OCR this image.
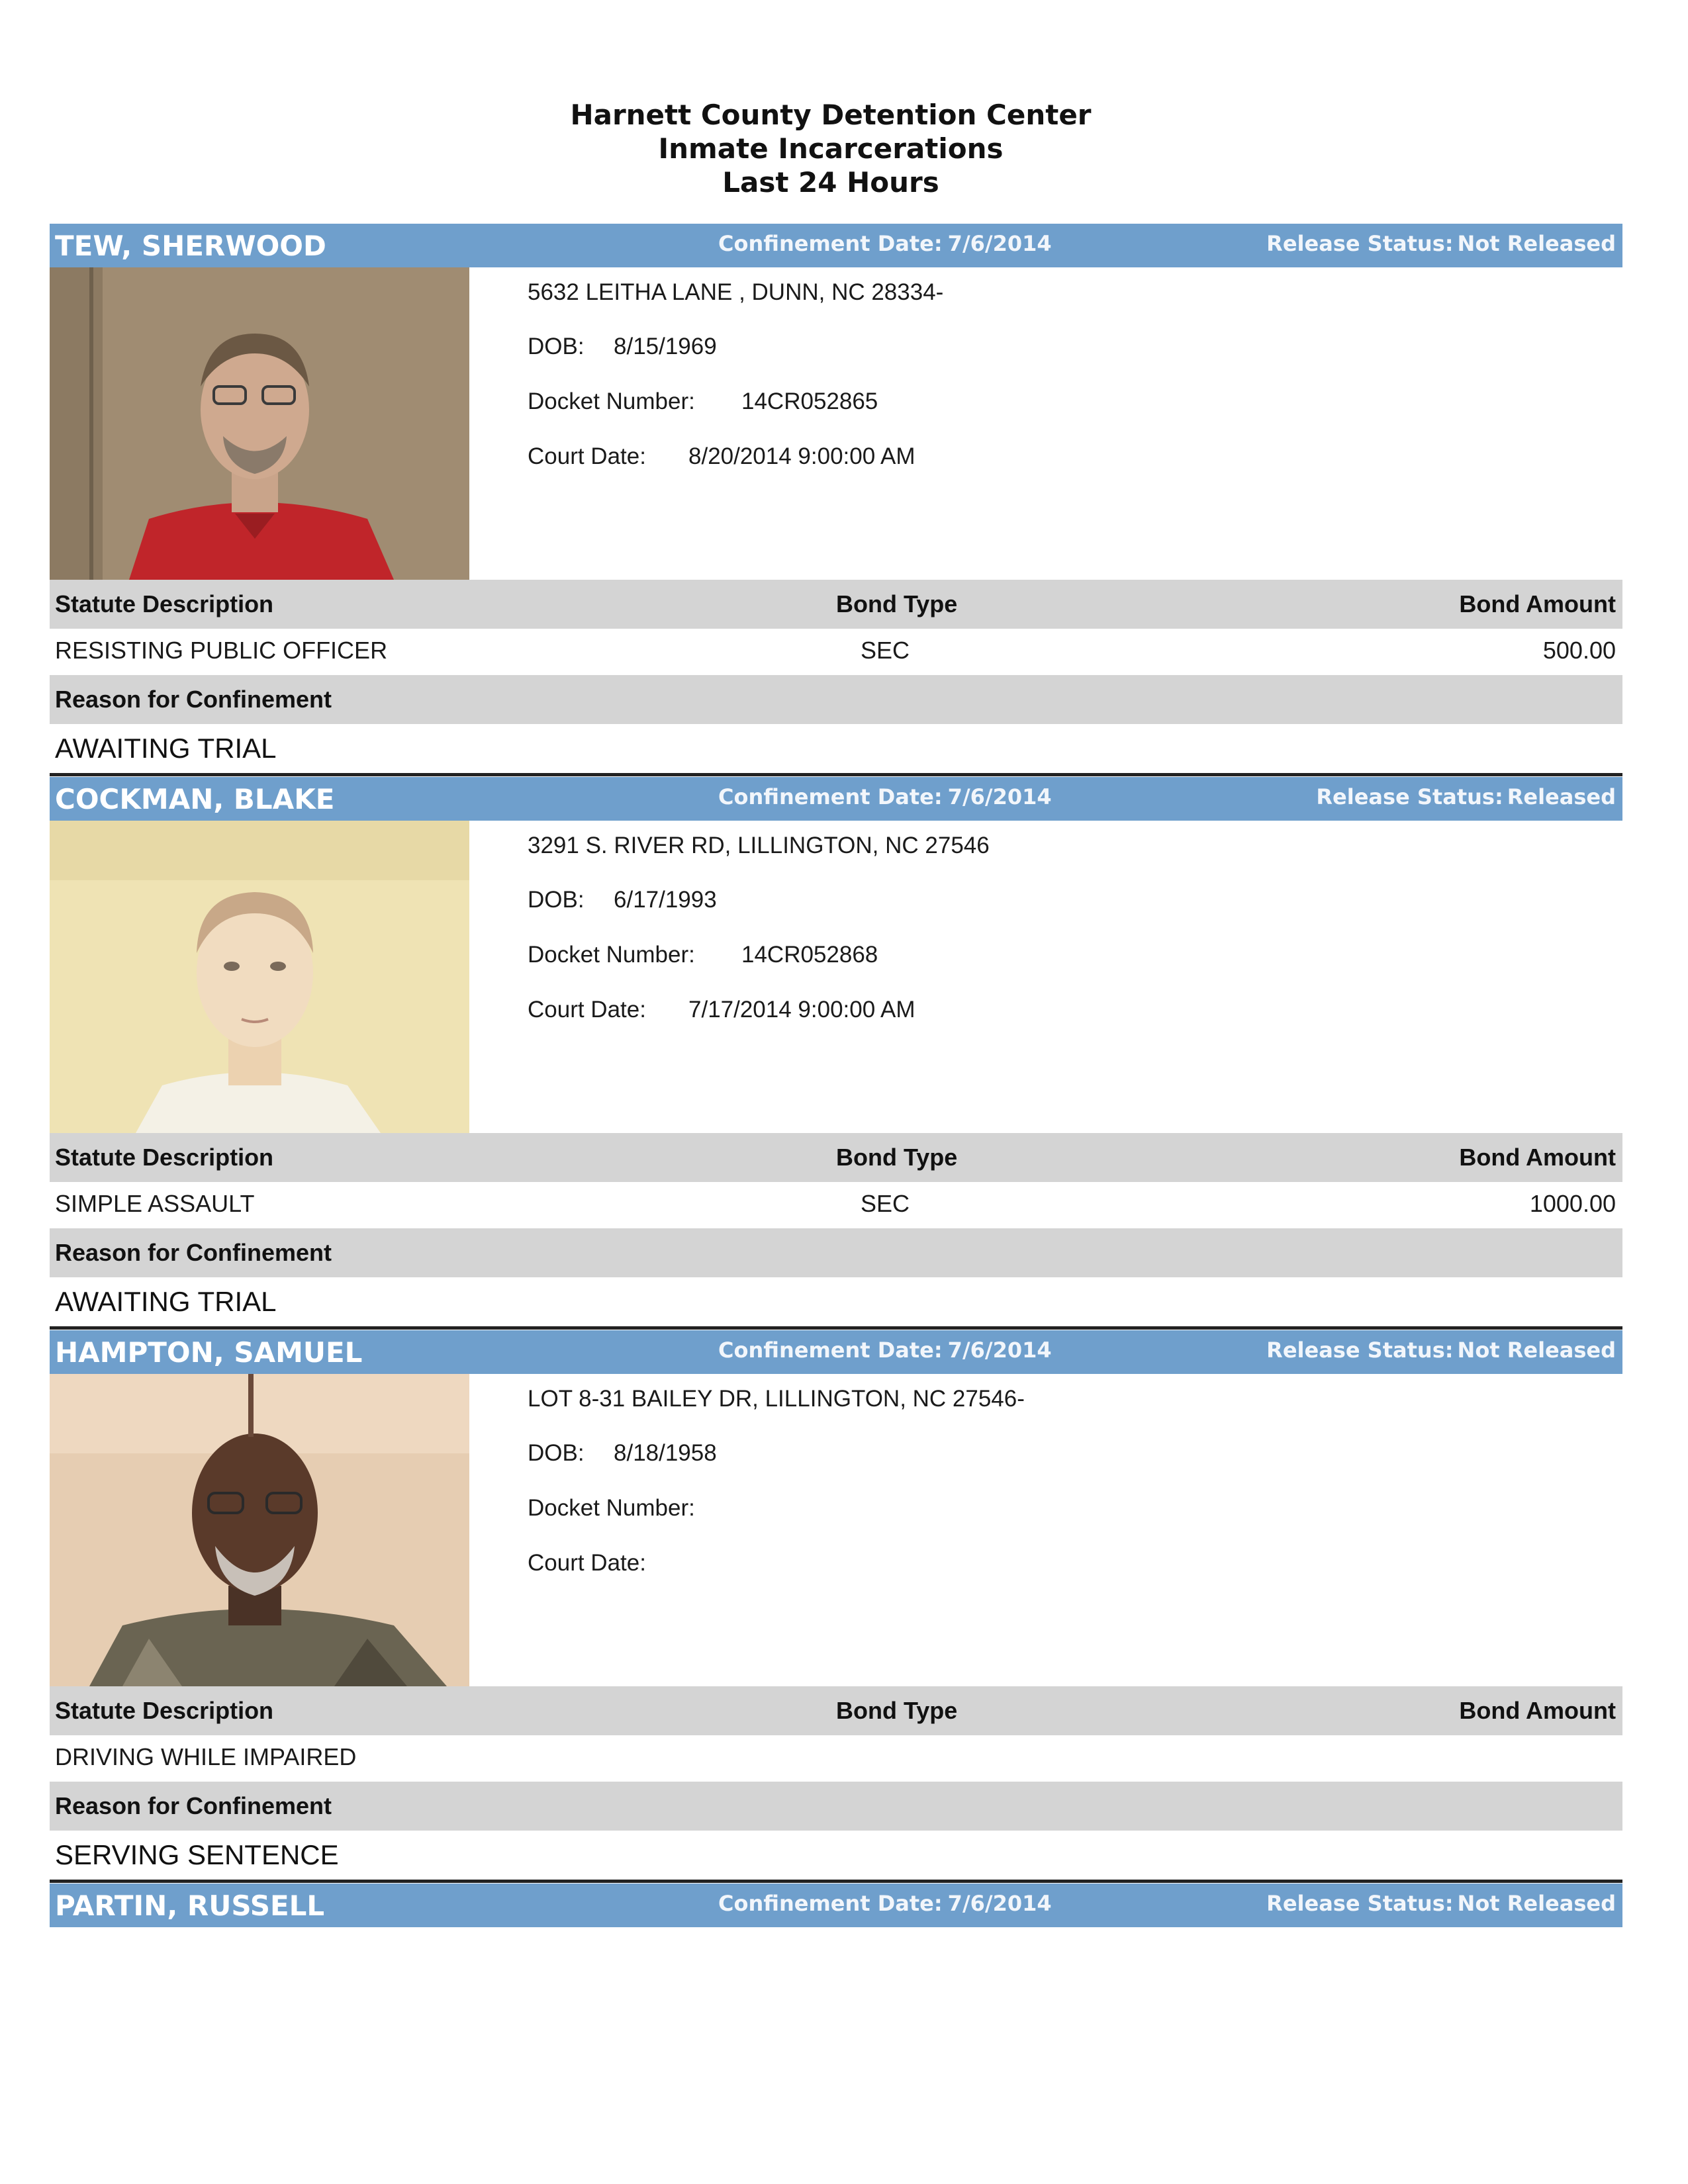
Harnett County Detention Center
Inmate Incarcerations
Last 24 Hours
TEW, SHERWOOD	Confinement Date: 7/6/2014	Release Status: Not Released
5632 LEITHA LANE , DUNN, NC 28334-
DOB: 8/15/1969
Docket Number: 14CR052865
Court Date: 8/20/2014 9:00:00 AM
Statute Description	Bond Type	Bond Amount
RESISTING PUBLIC OFFICER	SEC	500.00
Reason for Confinement
AWAITING TRIAL
COCKMAN, BLAKE	Confinement Date: 7/6/2014	Release Status: Released
3291 S. RIVER RD, LILLINGTON, NC 27546
DOB: 6/17/1993
Docket Number: 14CR052868
Court Date: 7/17/2014 9:00:00 AM
Statute Description	Bond Type	Bond Amount
SIMPLE ASSAULT	SEC	1000.00
Reason for Confinement
AWAITING TRIAL
HAMPTON, SAMUEL	Confinement Date: 7/6/2014	Release Status: Not Released
LOT 8-31 BAILEY DR, LILLINGTON, NC 27546-
DOB: 8/18/1958
Docket Number:
Court Date:
Statute Description	Bond Type	Bond Amount
DRIVING WHILE IMPAIRED
Reason for Confinement
SERVING SENTENCE
PARTIN, RUSSELL	Confinement Date: 7/6/2014	Release Status: Not Released
